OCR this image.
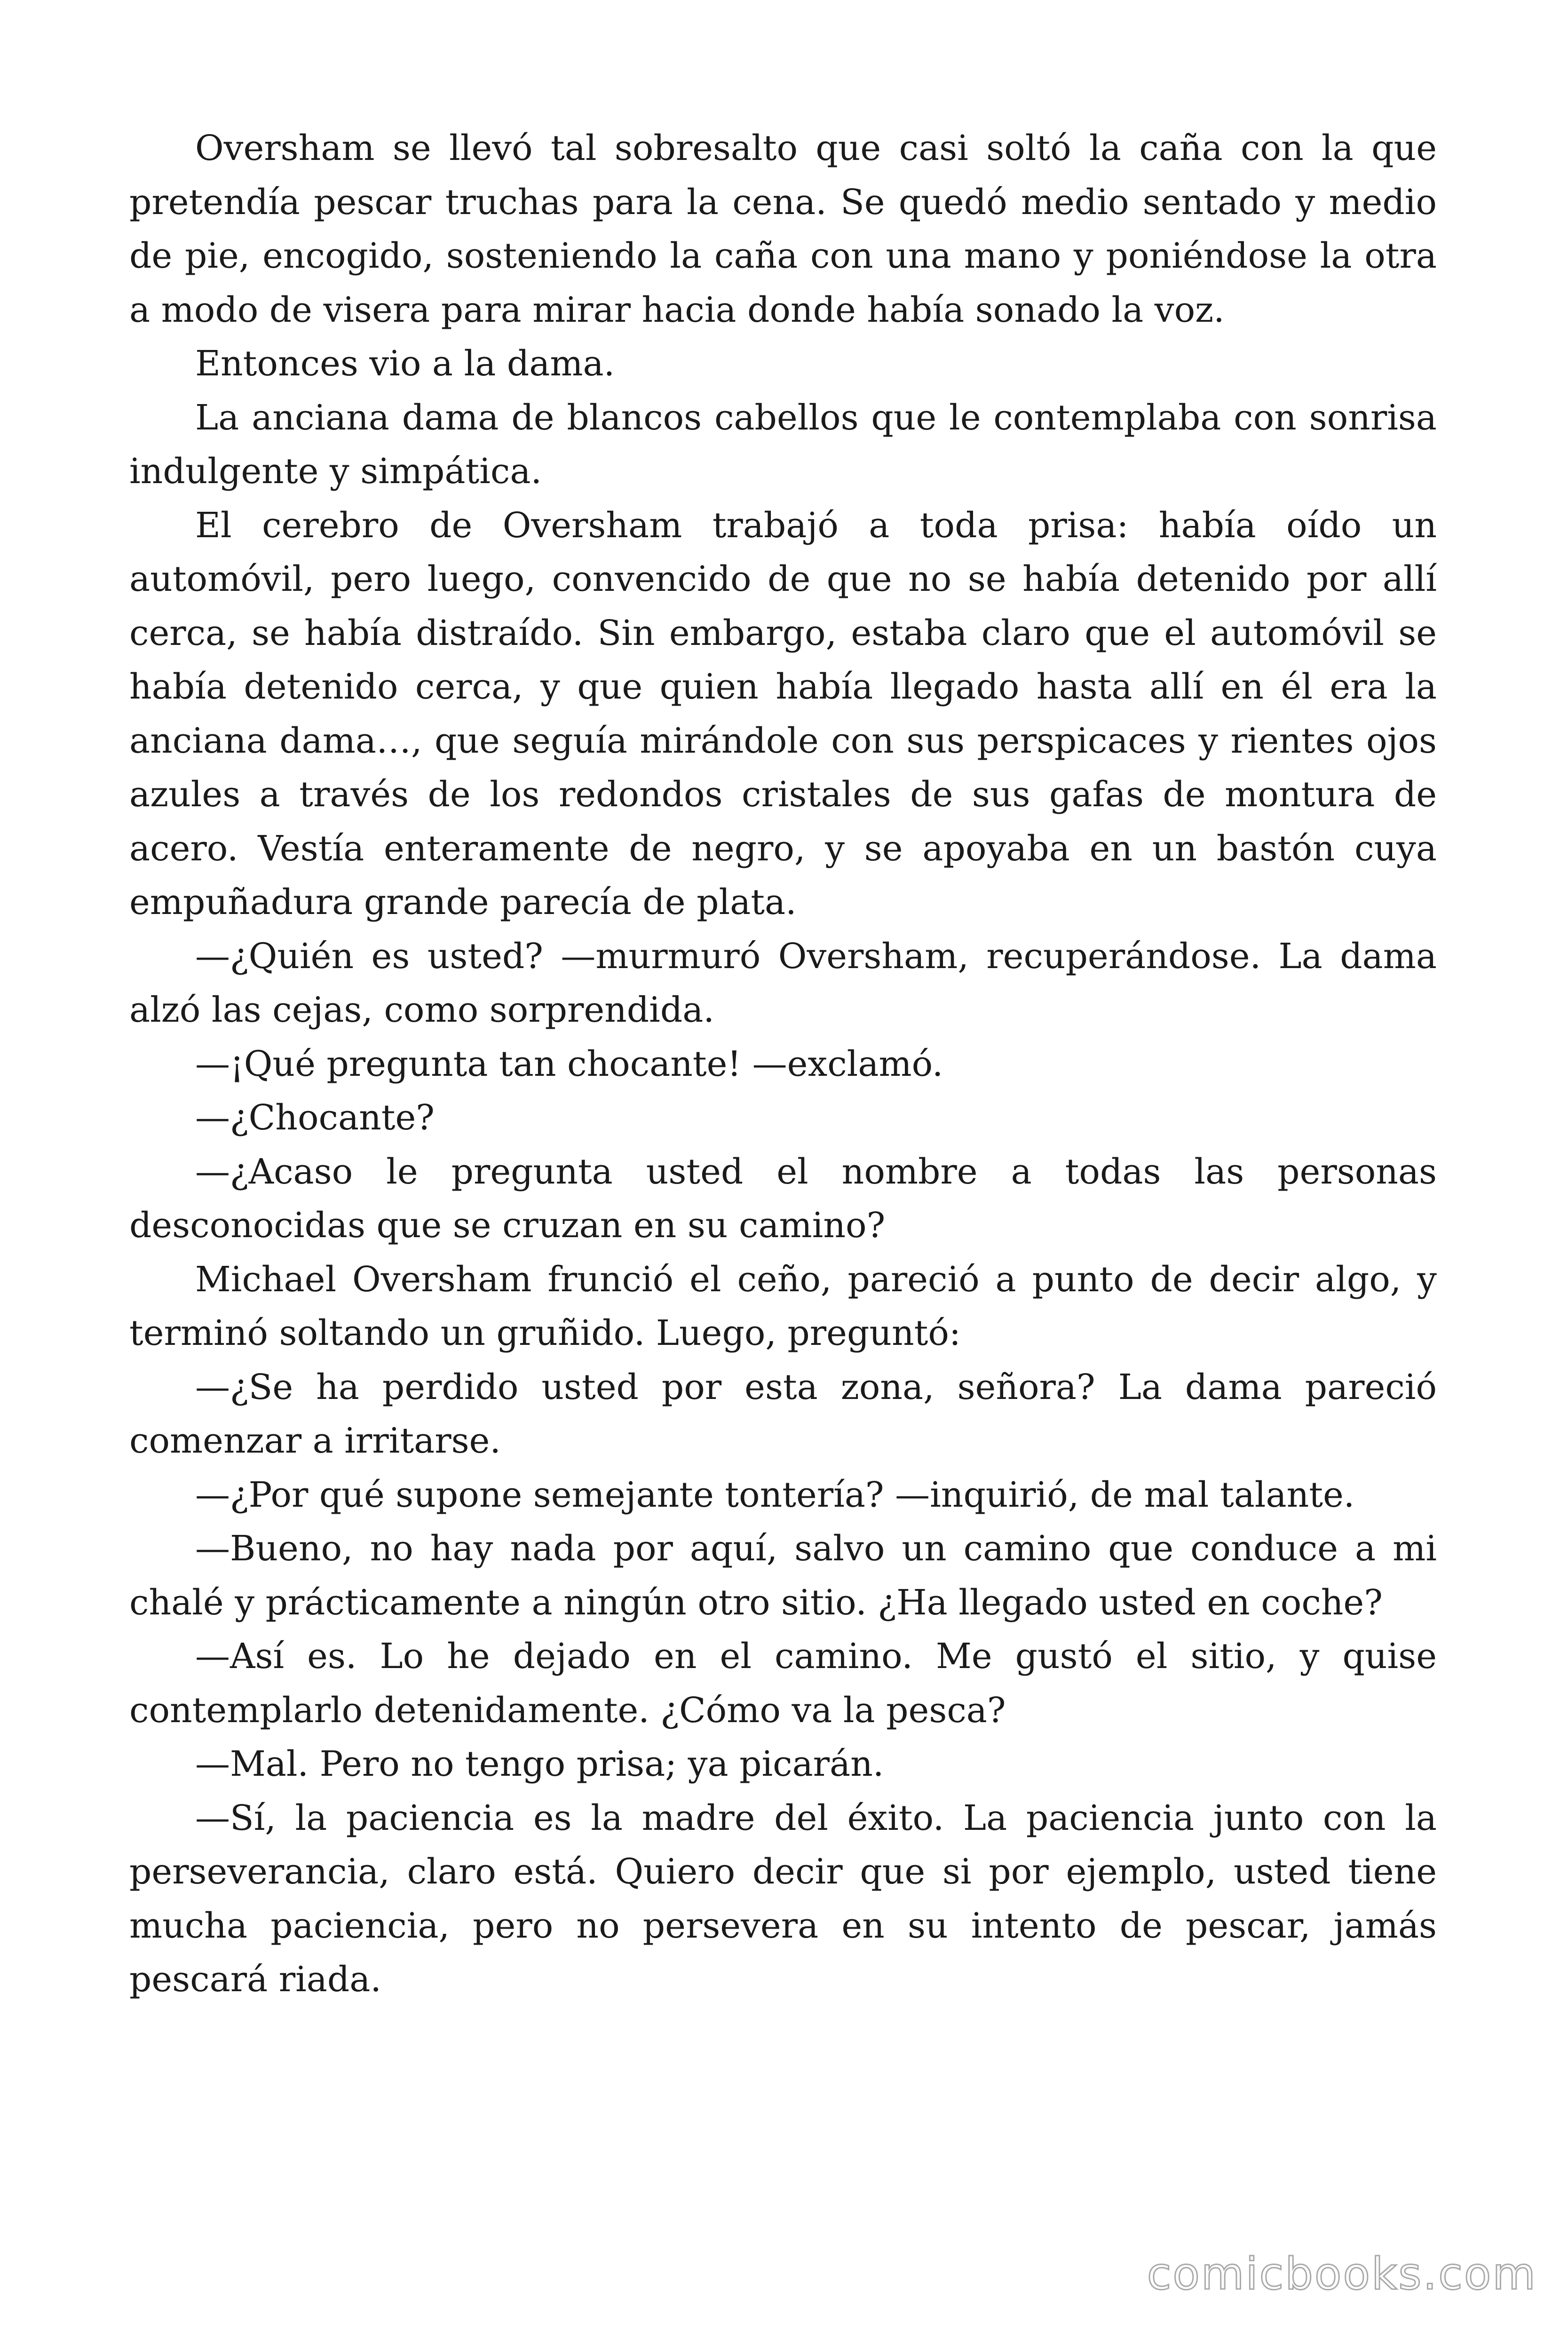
Oversham se llevó tal sobresalto que casi soltó la caña con la que pretendía pescar truchas para la cena. Se quedó medio sentado y medio de pie, encogido, sosteniendo la caña con una mano y poniéndose la otra a modo de visera para mirar hacia donde había sonado la voz.

Entonces vio a la dama.

La anciana dama de blancos cabellos que le contemplaba con sonrisa indulgente y simpática.

El cerebro de Oversham trabajó a toda prisa: había oído un automóvil, pero luego, convencido de que no se había detenido por allí cerca, se había distraído. Sin embargo, estaba claro que el automóvil se había detenido cerca, y que quien había llegado hasta allí en él era la anciana dama…, que seguía mirándole con sus perspicaces y rientes ojos azules a través de los redondos cristales de sus gafas de montura de acero. Vestía enteramente de negro, y se apoyaba en un bastón cuya empuñadura grande parecía de plata.

—¿Quién es usted? —murmuró Oversham, recuperándose. La dama alzó las cejas, como sorprendida.

—¡Qué pregunta tan chocante! —exclamó.

—¿Chocante?

—¿Acaso le pregunta usted el nombre a todas las personas desconocidas que se cruzan en su camino?

Michael Oversham frunció el ceño, pareció a punto de decir algo, y terminó soltando un gruñido. Luego, preguntó:

—¿Se ha perdido usted por esta zona, señora? La dama pareció comenzar a irritarse.

—¿Por qué supone semejante tontería? —inquirió, de mal talante.

—Bueno, no hay nada por aquí, salvo un camino que conduce a mi chalé y prácticamente a ningún otro sitio. ¿Ha llegado usted en coche?

—Así es. Lo he dejado en el camino. Me gustó el sitio, y quise contemplarlo detenidamente. ¿Cómo va la pesca?

—Mal. Pero no tengo prisa; ya picarán.

—Sí, la paciencia es la madre del éxito. La paciencia junto con la perseverancia, claro está. Quiero decir que si por ejemplo, usted tiene mucha paciencia, pero no persevera en su intento de pescar, jamás pescará riada.

comicbooks.com
